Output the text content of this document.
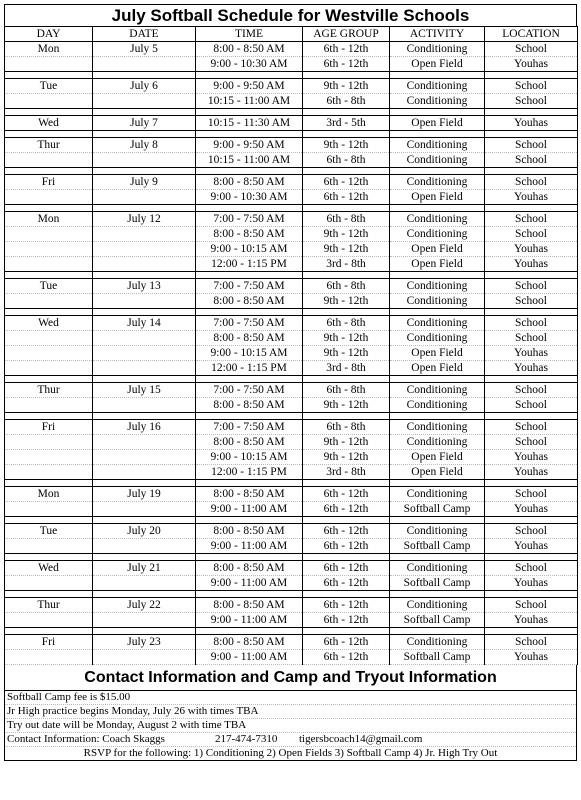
July Softball Schedule for Westville Schools
DAY	DATE	TIME	AGE GROUP	ACTIVITY	LOCATION
Mon	July 5	8:00 - 8:50 AM	6th - 12th	Conditioning	School
		9:00 - 10:30 AM	6th - 12th	Open Field	Youhas

Tue	July 6	9:00 - 9:50 AM	9th - 12th	Conditioning	School
		10:15 - 11:00 AM	6th - 8th	Conditioning	School

Wed	July 7	10:15 - 11:30 AM	3rd - 5th	Open Field	Youhas

Thur	July 8	9:00 - 9:50 AM	9th - 12th	Conditioning	School
		10:15 - 11:00 AM	6th - 8th	Conditioning	School

Fri	July 9	8:00 - 8:50 AM	6th - 12th	Conditioning	School
		9:00 - 10:30 AM	6th - 12th	Open Field	Youhas

Mon	July 12	7:00 - 7:50 AM	6th - 8th	Conditioning	School
		8:00 - 8:50 AM	9th - 12th	Conditioning	School
		9:00 - 10:15 AM	9th - 12th	Open Field	Youhas
		12:00 - 1:15 PM	3rd - 8th	Open Field	Youhas

Tue	July 13	7:00 - 7:50 AM	6th - 8th	Conditioning	School
		8:00 - 8:50 AM	9th - 12th	Conditioning	School

Wed	July 14	7:00 - 7:50 AM	6th - 8th	Conditioning	School
		8:00 - 8:50 AM	9th - 12th	Conditioning	School
		9:00 - 10:15 AM	9th - 12th	Open Field	Youhas
		12:00 - 1:15 PM	3rd - 8th	Open Field	Youhas

Thur	July 15	7:00 - 7:50 AM	6th - 8th	Conditioning	School
		8:00 - 8:50 AM	9th - 12th	Conditioning	School

Fri	July 16	7:00 - 7:50 AM	6th - 8th	Conditioning	School
		8:00 - 8:50 AM	9th - 12th	Conditioning	School
		9:00 - 10:15 AM	9th - 12th	Open Field	Youhas
		12:00 - 1:15 PM	3rd - 8th	Open Field	Youhas

Mon	July 19	8:00 - 8:50 AM	6th - 12th	Conditioning	School
		9:00 - 11:00 AM	6th - 12th	Softball Camp	Youhas

Tue	July 20	8:00 - 8:50 AM	6th - 12th	Conditioning	School
		9:00 - 11:00 AM	6th - 12th	Softball Camp	Youhas

Wed	July 21	8:00 - 8:50 AM	6th - 12th	Conditioning	School
		9:00 - 11:00 AM	6th - 12th	Softball Camp	Youhas

Thur	July 22	8:00 - 8:50 AM	6th - 12th	Conditioning	School
		9:00 - 11:00 AM	6th - 12th	Softball Camp	Youhas

Fri	July 23	8:00 - 8:50 AM	6th - 12th	Conditioning	School
		9:00 - 11:00 AM	6th - 12th	Softball Camp	Youhas
Contact Information and Camp and Tryout Information
Softball Camp fee is $15.00
Jr High practice begins Monday, July 26 with times TBA
Try out date will be Monday, August 2 with time TBA
Contact Information: Coach Skaggs	217-474-7310 tigersbcoach14@gmail.com
RSVP for the following: 1) Conditioning 2) Open Fields 3) Softball Camp 4) Jr. High Try Out
